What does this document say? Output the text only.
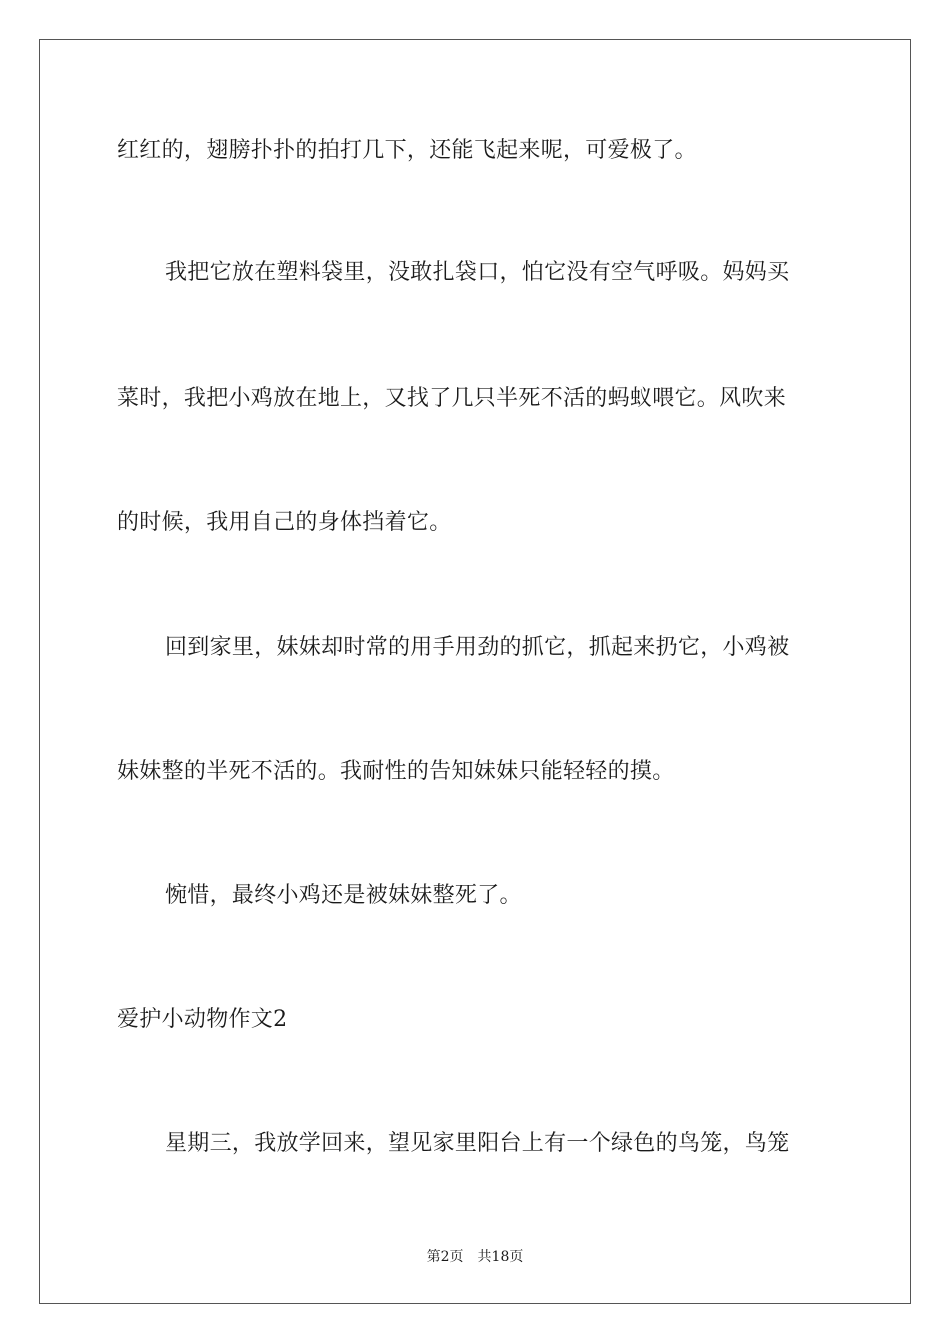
红红的，翅膀扑扑的拍打几下，还能飞起来呢，可爱极了。
我把它放在塑料袋里，没敢扎袋口，怕它没有空气呼吸。妈妈买
菜时，我把小鸡放在地上，又找了几只半死不活的蚂蚁喂它。风吹来
的时候，我用自己的身体挡着它。
回到家里，妹妹却时常的用手用劲的抓它，抓起来扔它，小鸡被
妹妹整的半死不活的。我耐性的告知妹妹只能轻轻的摸。
惋惜，最终小鸡还是被妹妹整死了。
爱护小动物作文2
星期三，我放学回来，望见家里阳台上有一个绿色的鸟笼，鸟笼
第2页 共18页
